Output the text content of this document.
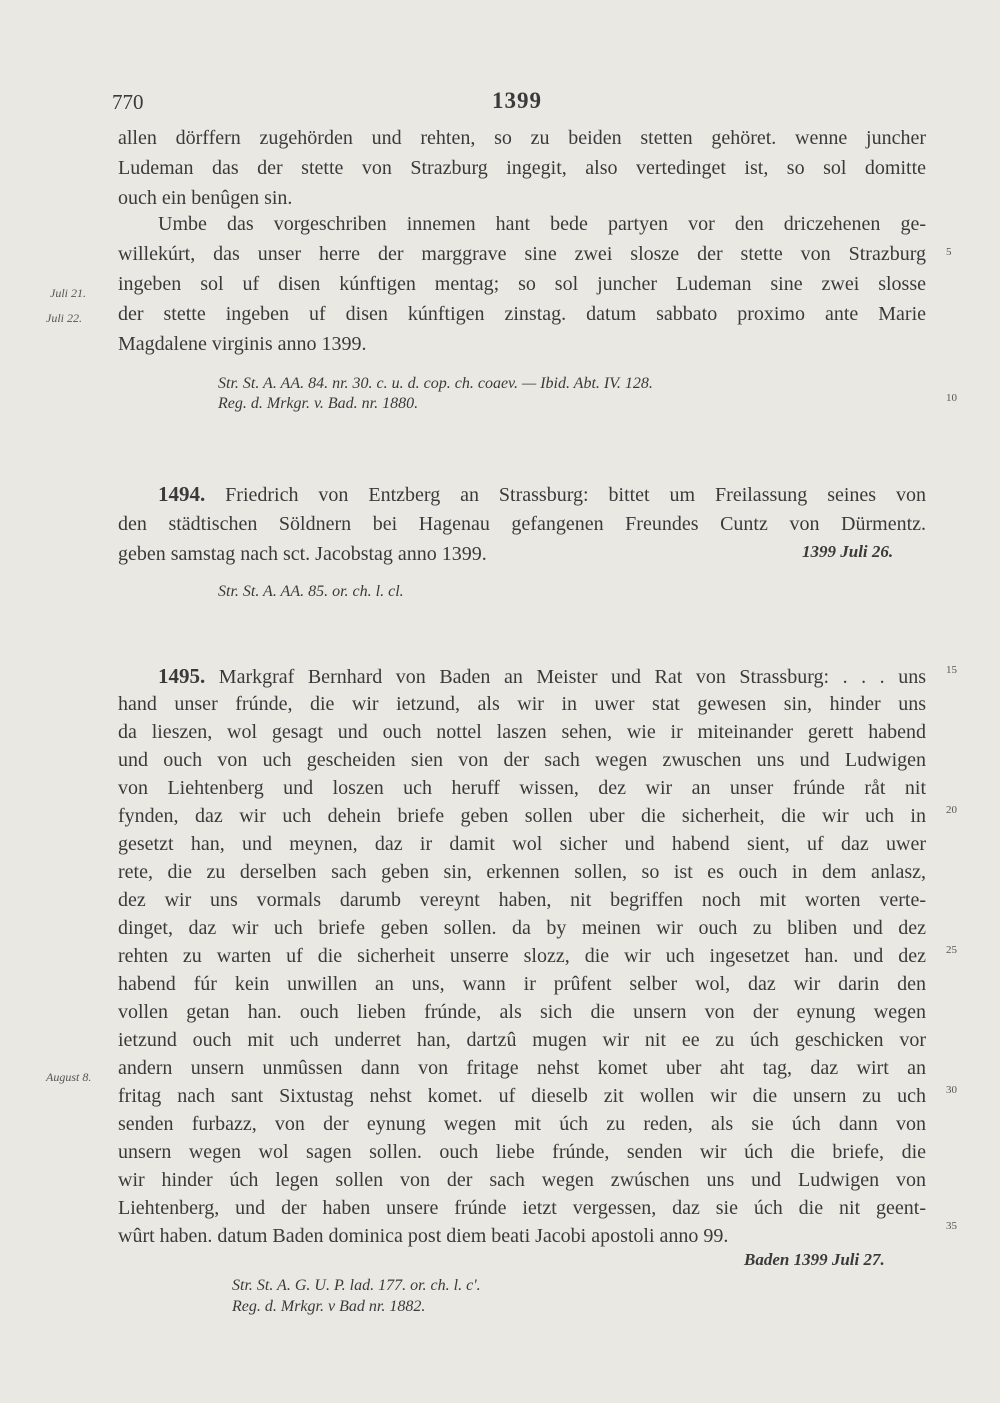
770	1399
allen dörffern zugehörden und rehten, so zu beiden stetten gehöret. wenne juncher
Ludeman das der stette von Strazburg ingegit, also vertedinget ist, so sol domitte
ouch ein benûgen sin.
Umbe das vorgeschriben innemen hant bede partyen vor den driczehenen ge-
willekúrt, das unser herre der marggrave sine zwei slosze der stette von Strazburg
ingeben sol uf disen kúnftigen mentag; so sol juncher Ludeman sine zwei slosse
der stette ingeben uf disen kúnftigen zinstag. datum sabbato proximo ante Marie
Magdalene virginis anno 1399.
Juli 21.
Juli 22.
Str. St. A. AA. 84. nr. 30. c. u. d. cop. ch. coaev. — Ibid. Abt. IV. 128.
Reg. d. Mrkgr. v. Bad. nr. 1880.
1494. Friedrich von Entzberg an Strassburg: bittet um Freilassung seines von
den städtischen Söldnern bei Hagenau gefangenen Freundes Cuntz von Dürmentz.
geben samstag nach sct. Jacobstag anno 1399.	1399 Juli 26.
Str. St. A. AA. 85. or. ch. l. cl.
1495. Markgraf Bernhard von Baden an Meister und Rat von Strassburg: . . . uns
hand unser frúnde, die wir ietzund, als wir in uwer stat gewesen sin, hinder uns
da lieszen, wol gesagt und ouch nottel laszen sehen, wie ir miteinander gerett habend
und ouch von uch gescheiden sien von der sach wegen zwuschen uns und Ludwigen
von Liehtenberg und loszen uch heruff wissen, dez wir an unser frúnde råt nit
fynden, daz wir uch dehein briefe geben sollen uber die sicherheit, die wir uch in
gesetzt han, und meynen, daz ir damit wol sicher und habend sient, uf daz uwer
rete, die zu derselben sach geben sin, erkennen sollen, so ist es ouch in dem anlasz,
dez wir uns vormals darumb vereynt haben, nit begriffen noch mit worten verte-
dinget, daz wir uch briefe geben sollen. da by meinen wir ouch zu bliben und dez
rehten zu warten uf die sicherheit unserre slozz, die wir uch ingesetzet han. und dez
habend fúr kein unwillen an uns, wann ir prûfent selber wol, daz wir darin den
vollen getan han. ouch lieben frúnde, als sich die unsern von der eynung wegen
ietzund ouch mit uch underret han, dartzû mugen wir nit ee zu úch geschicken vor
andern unsern unmûssen dann von fritage nehst komet uber aht tag, daz wirt an
fritag nach sant Sixtustag nehst komet. uf dieselb zit wollen wir die unsern zu uch
senden furbazz, von der eynung wegen mit úch zu reden, als sie úch dann von
unsern wegen wol sagen sollen. ouch liebe frúnde, senden wir úch die briefe, die
wir hinder úch legen sollen von der sach wegen zwúschen uns und Ludwigen von
Liehtenberg, und der haben unsere frúnde ietzt vergessen, daz sie úch die nit geent-
wûrt haben. datum Baden dominica post diem beati Jacobi apostoli anno 99.
August 8.
Baden 1399 Juli 27.
Str. St. A. G. U. P. lad. 177. or. ch. l. c'.
Reg. d. Mrkgr. v Bad nr. 1882.
5
10
15
20
25
30
35
